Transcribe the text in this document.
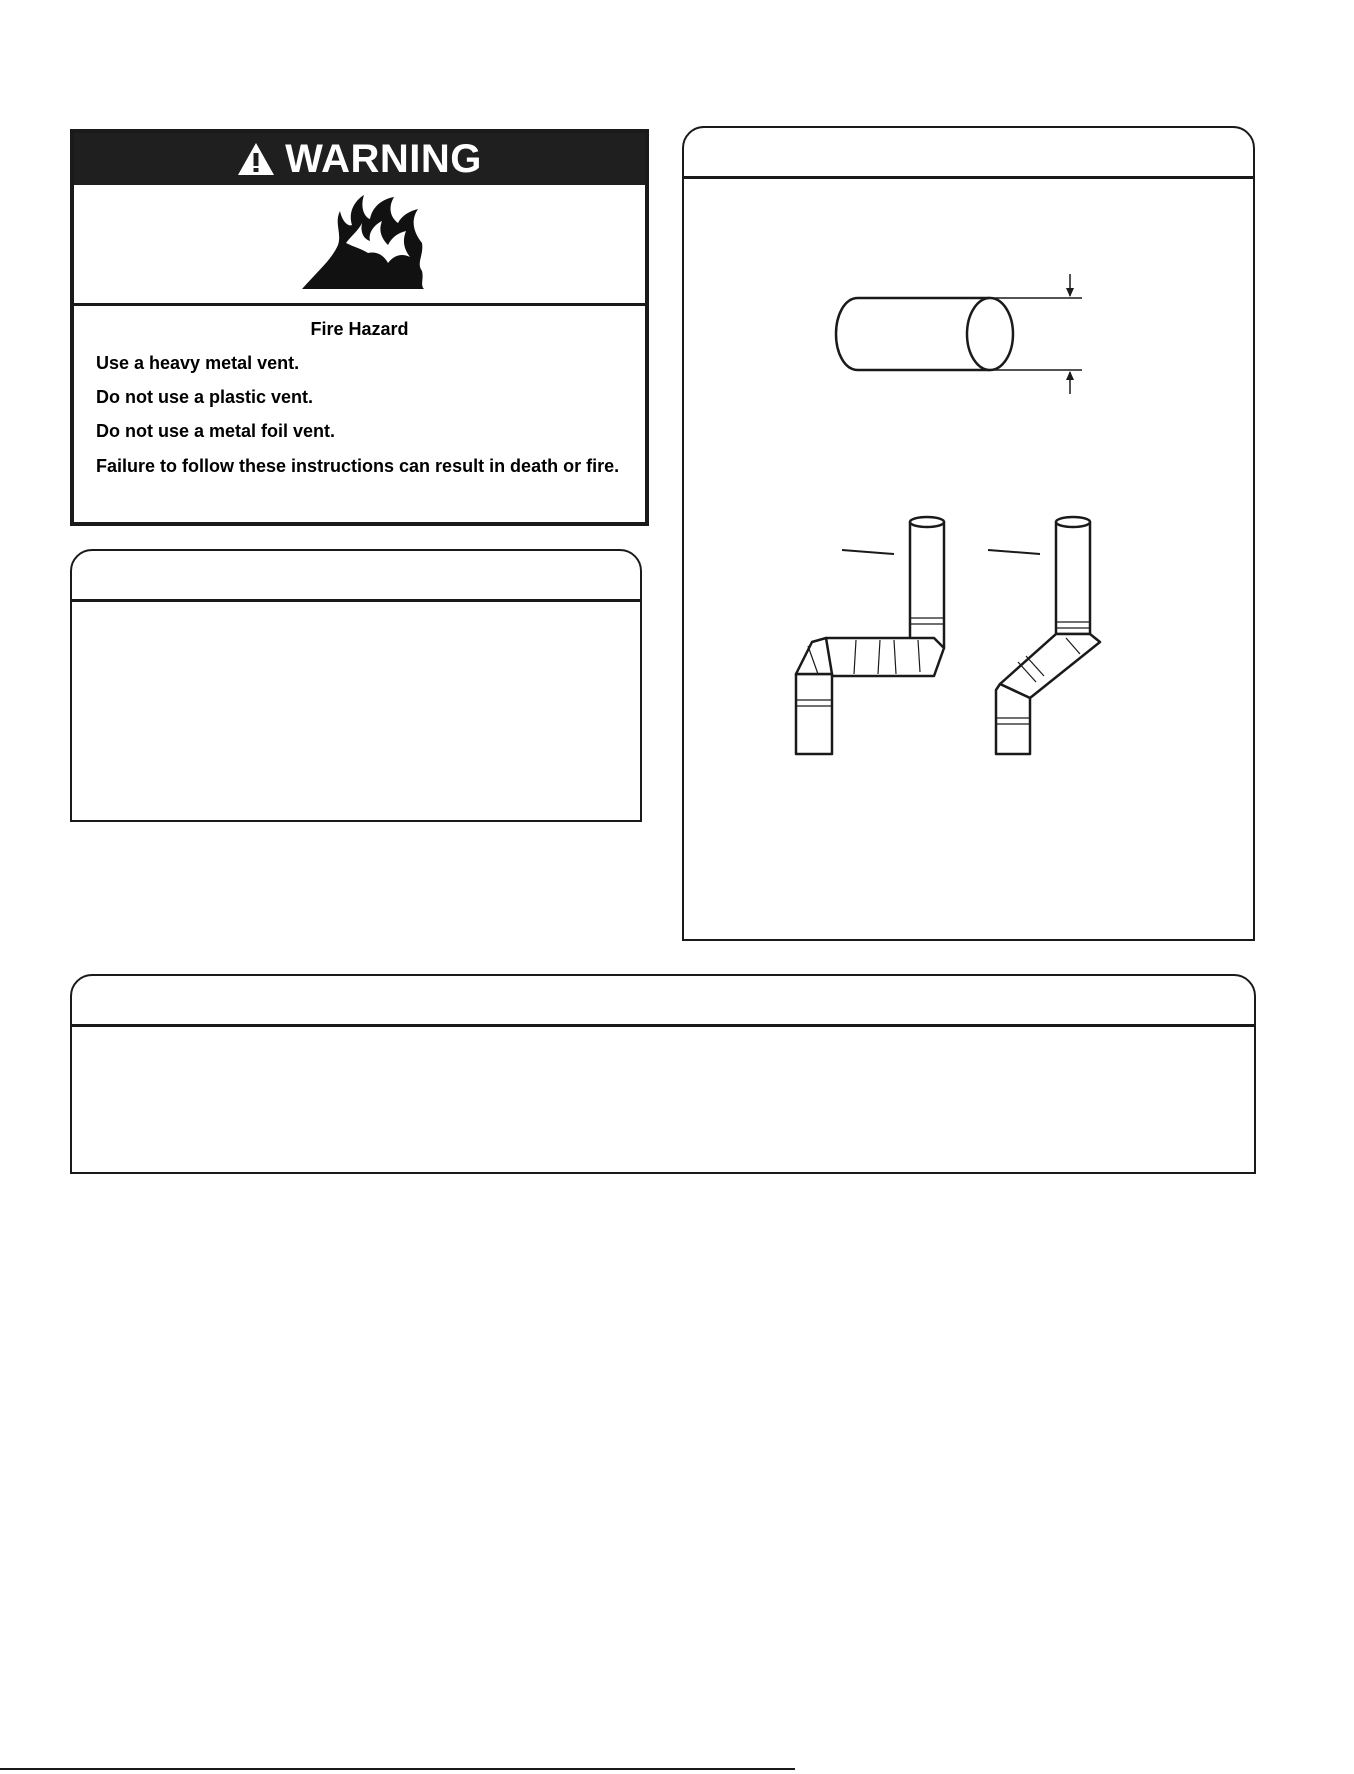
WARNING
Fire Hazard
Use a heavy metal vent.
Do not use a plastic vent.
Do not use a metal foil vent.
Failure to follow these instructions can result in death or fire.
